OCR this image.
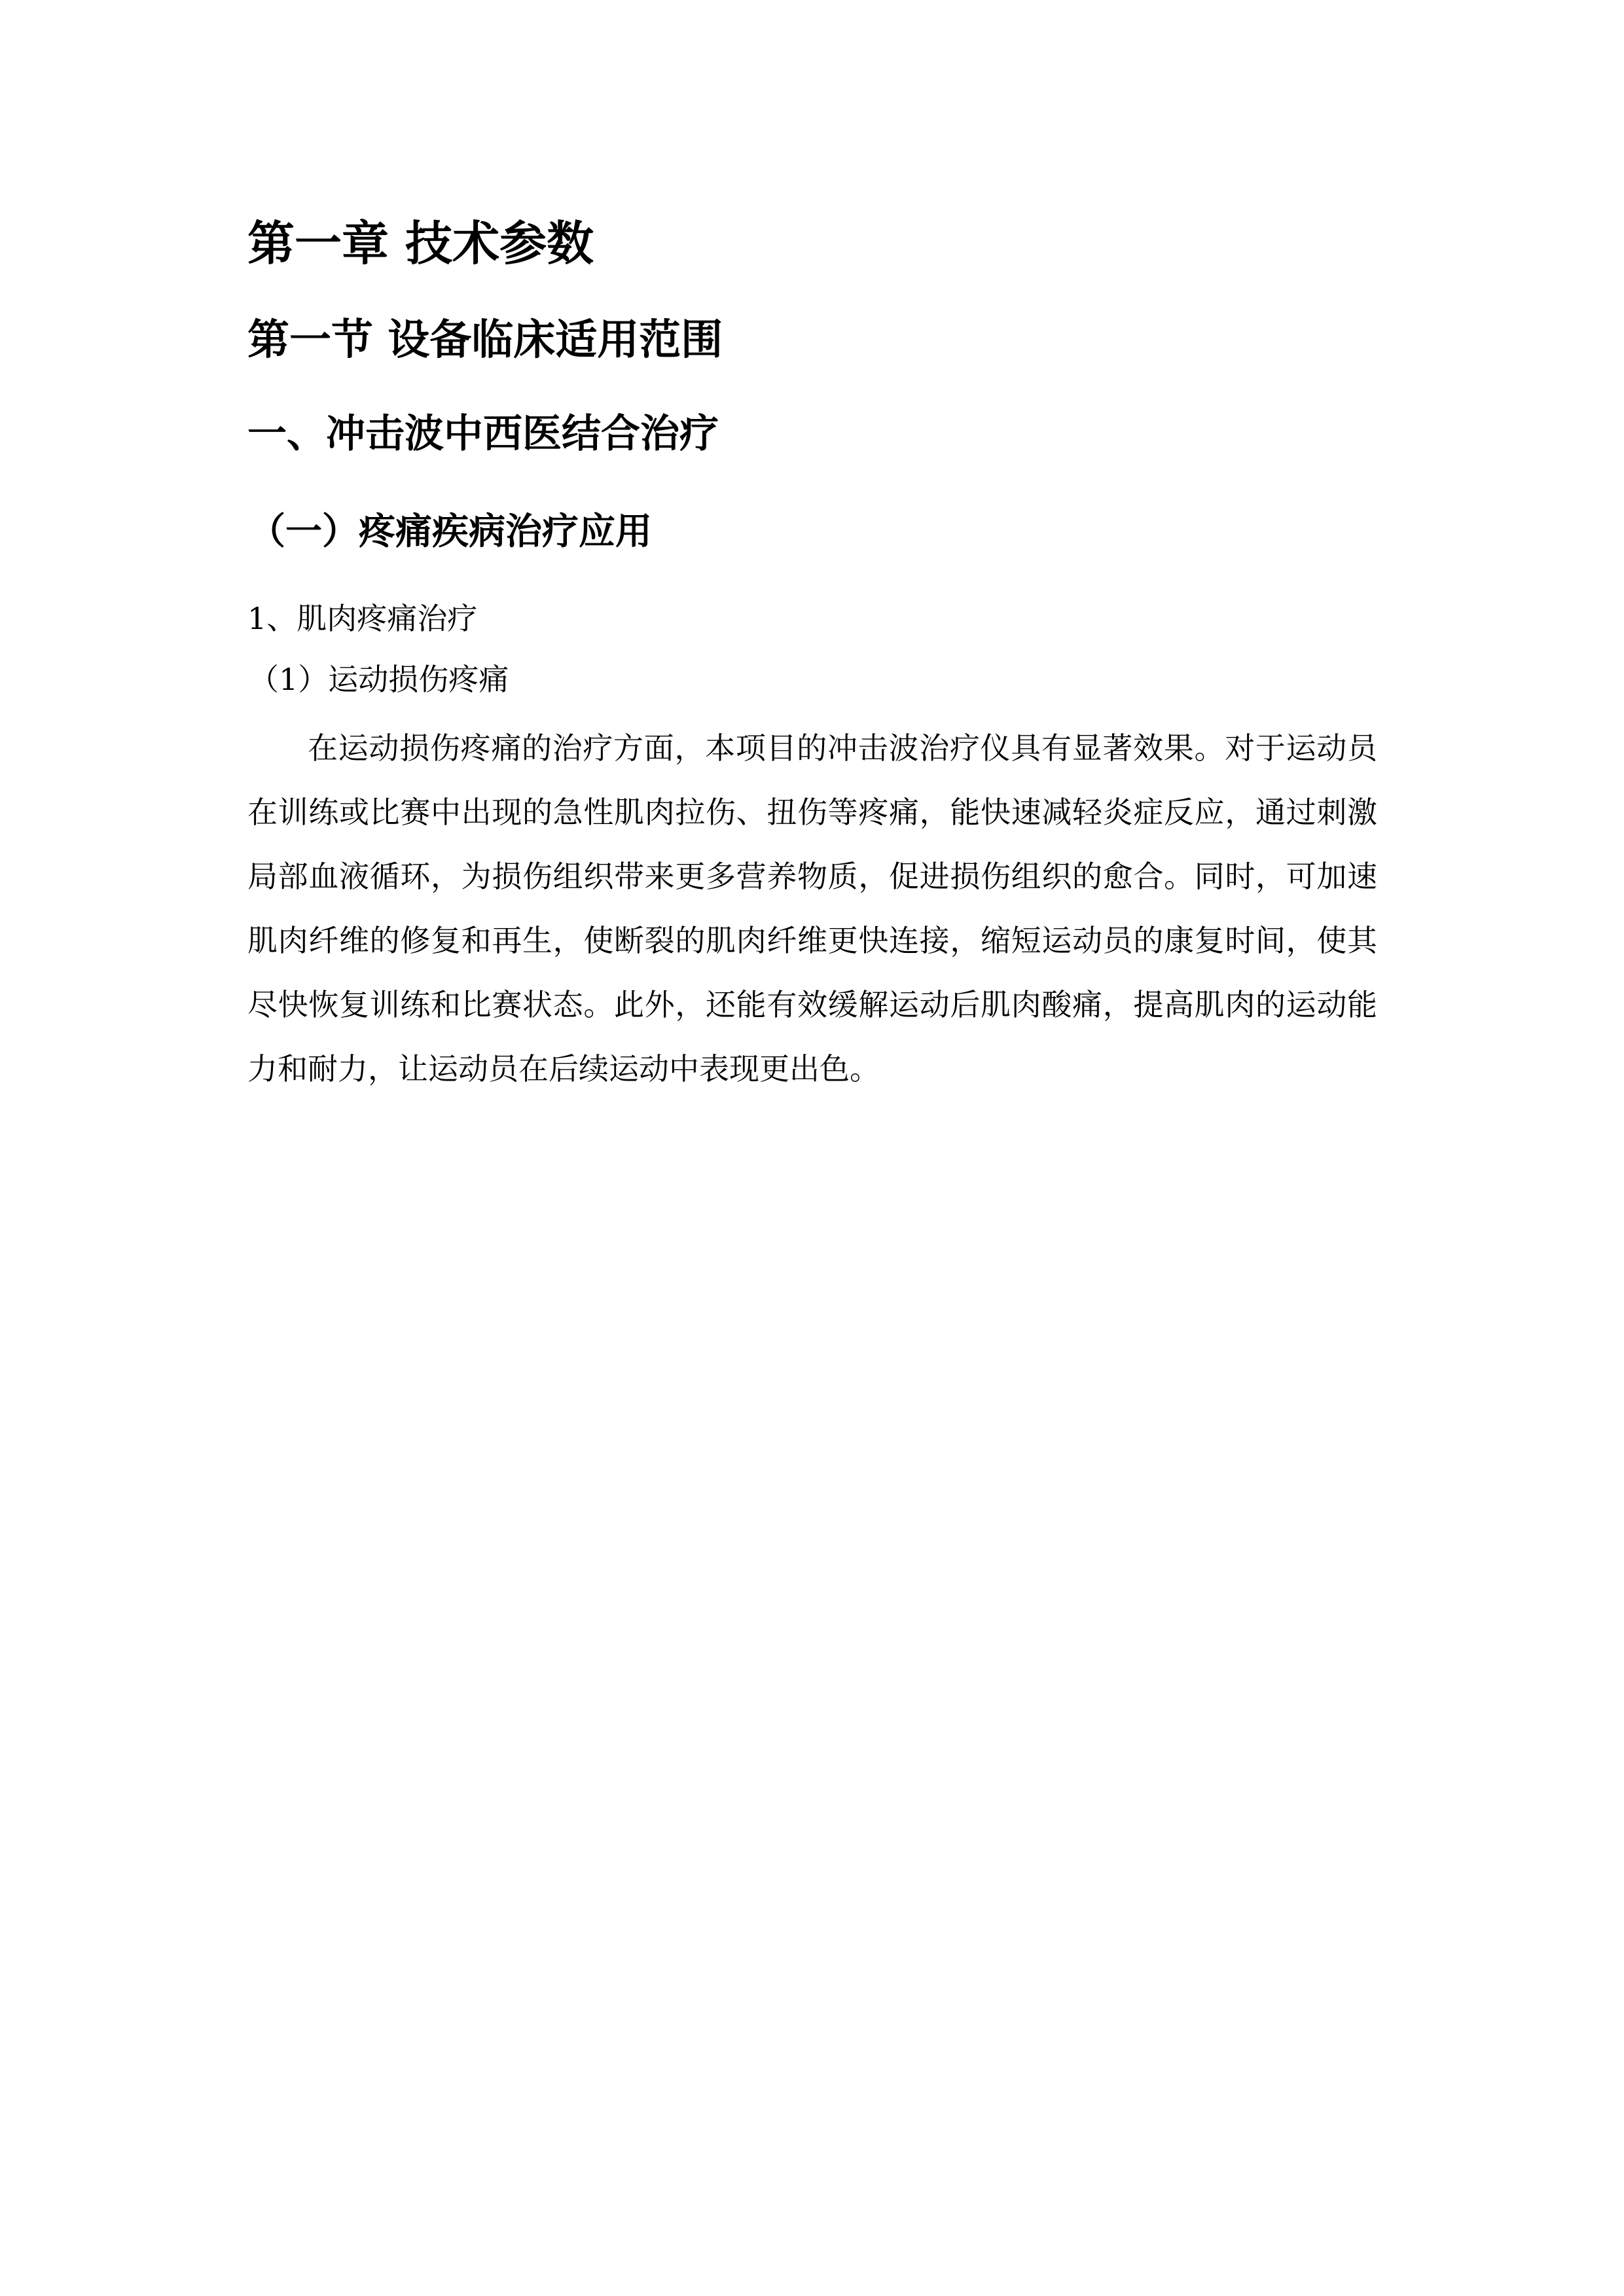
第一章 技术参数
第一节 设备临床适用范围
一、冲击波中西医结合治疗
（一）疼痛疾病治疗应用
1、肌肉疼痛治疗
（1）运动损伤疼痛

在运动损伤疼痛的治疗方面，本项目的冲击波治疗仪具有显著效果。对于运动员在训练或比赛中出现的急性肌肉拉伤、扭伤等疼痛，能快速减轻炎症反应，通过刺激局部血液循环，为损伤组织带来更多营养物质，促进损伤组织的愈合。同时，可加速肌肉纤维的修复和再生，使断裂的肌肉纤维更快连接，缩短运动员的康复时间，使其尽快恢复训练和比赛状态。此外，还能有效缓解运动后肌肉酸痛，提高肌肉的运动能力和耐力，让运动员在后续运动中表现更出色。
